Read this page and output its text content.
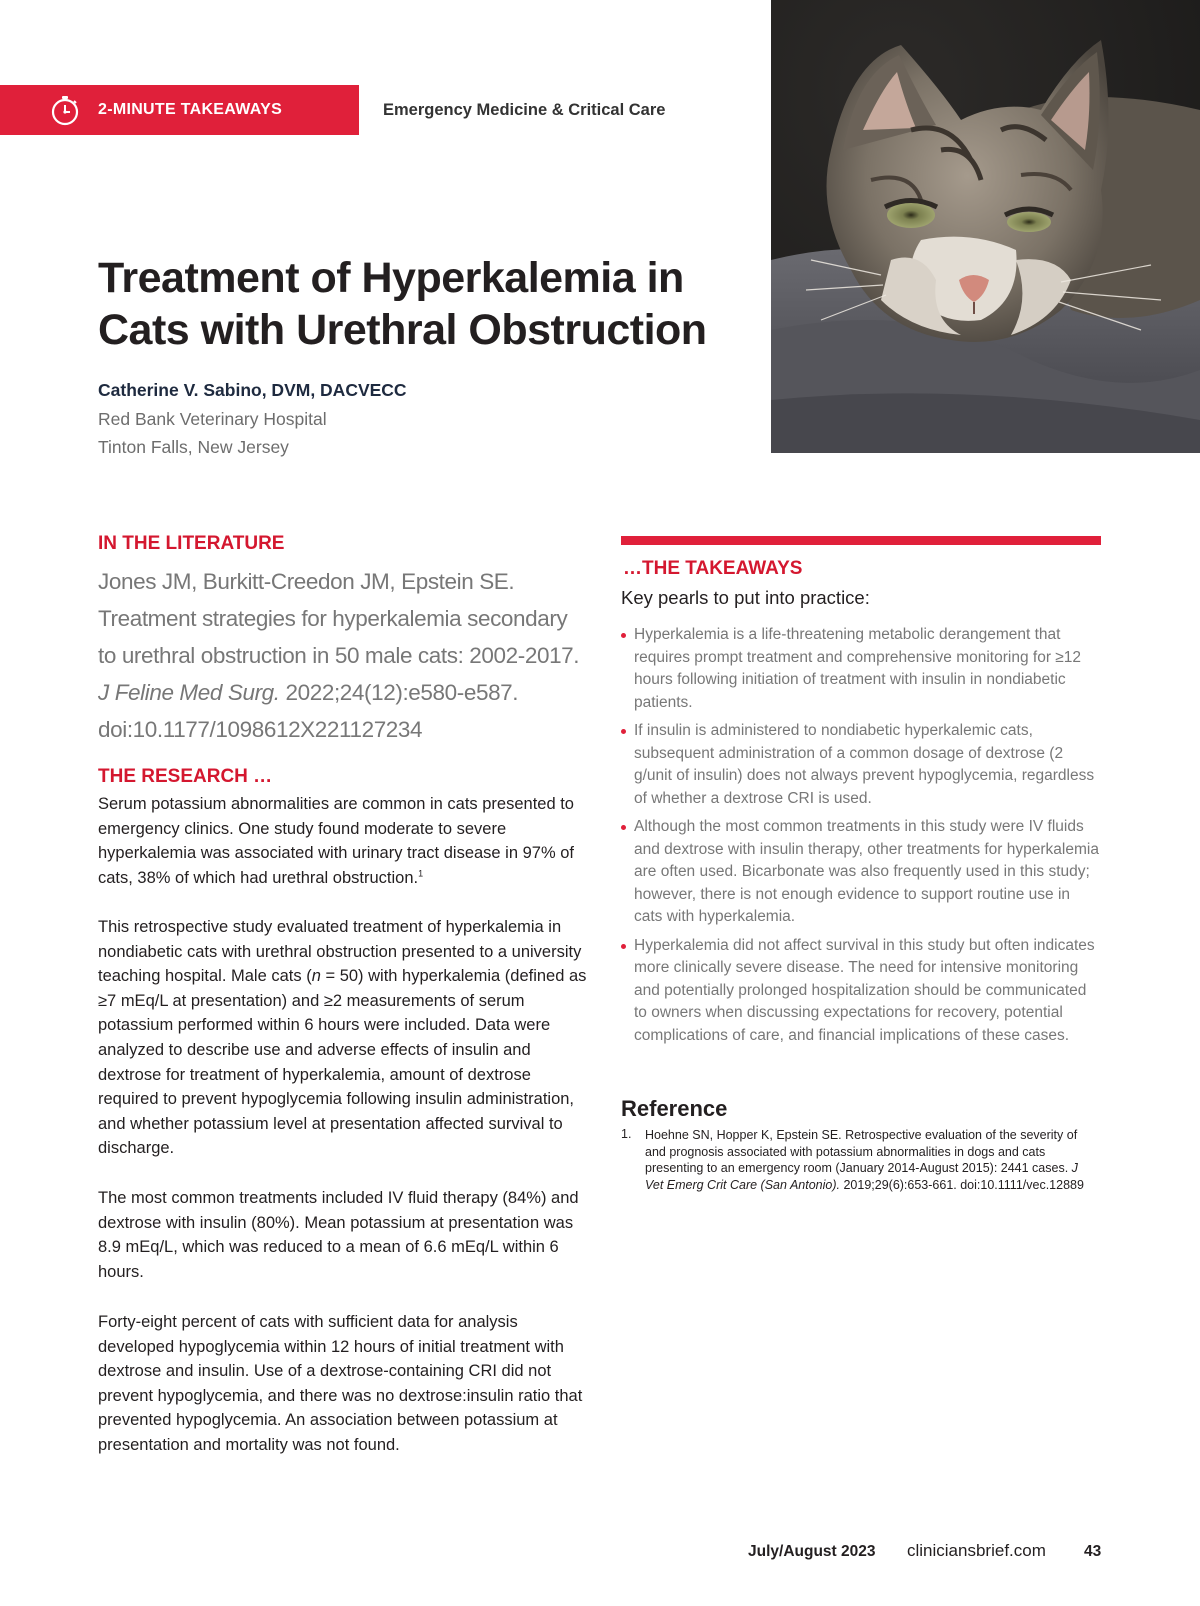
2-MINUTE TAKEAWAYS	Emergency Medicine & Critical Care
Treatment of Hyperkalemia in
Cats with Urethral Obstruction
Catherine V. Sabino, DVM, DACVECC
Red Bank Veterinary Hospital
Tinton Falls, New Jersey
IN THE LITERATURE
Jones JM, Burkitt-Creedon JM, Epstein SE. Treatment strategies for hyperkalemia secondary to urethral obstruction in 50 male cats: 2002-2017. J Feline Med Surg. 2022;24(12):e580-e587. doi:10.1177/1098612X221127234
THE RESEARCH …
Serum potassium abnormalities are common in cats presented to emergency clinics. One study found moderate to severe hyperkalemia was associated with urinary tract disease in 97% of cats, 38% of which had urethral obstruction.$^1$
This retrospective study evaluated treatment of hyperkalemia in nondiabetic cats with urethral obstruction presented to a university teaching hospital. Male cats (n = 50) with hyperkalemia (defined as ≥7 mEq/L at presentation) and ≥2 measurements of serum potassium performed within 6 hours were included. Data were analyzed to describe use and adverse effects of insulin and dextrose for treatment of hyperkalemia, amount of dextrose required to prevent hypoglycemia following insulin administration, and whether potassium level at presentation affected survival to discharge.
The most common treatments included IV fluid therapy (84%) and dextrose with insulin (80%). Mean potassium at presentation was 8.9 mEq/L, which was reduced to a mean of 6.6 mEq/L within 6 hours.
Forty-eight percent of cats with sufficient data for analysis developed hypoglycemia within 12 hours of initial treatment with dextrose and insulin. Use of a dextrose-containing CRI did not prevent hypoglycemia, and there was no dextrose:insulin ratio that prevented hypoglycemia. An association between potassium at presentation and mortality was not found.
…THE TAKEAWAYS
Key pearls to put into practice:
Hyperkalemia is a life-threatening metabolic derangement that requires prompt treatment and comprehensive monitoring for ≥12 hours following initiation of treatment with insulin in nondiabetic patients.
If insulin is administered to nondiabetic hyperkalemic cats, subsequent administration of a common dosage of dextrose (2 g/unit of insulin) does not always prevent hypoglycemia, regardless of whether a dextrose CRI is used.
Although the most common treatments in this study were IV fluids and dextrose with insulin therapy, other treatments for hyperkalemia are often used. Bicarbonate was also frequently used in this study; however, there is not enough evidence to support routine use in cats with hyperkalemia.
Hyperkalemia did not affect survival in this study but often indicates more clinically severe disease. The need for intensive monitoring and potentially prolonged hospitalization should be communicated to owners when discussing expectations for recovery, potential complications of care, and financial implications of these cases.
Reference
1. Hoehne SN, Hopper K, Epstein SE. Retrospective evaluation of the severity of and prognosis associated with potassium abnormalities in dogs and cats presenting to an emergency room (January 2014-August 2015): 2441 cases. J Vet Emerg Crit Care (San Antonio). 2019;29(6):653-661. doi:10.1111/vec.12889
July/August 2023 cliniciansbrief.com 43
